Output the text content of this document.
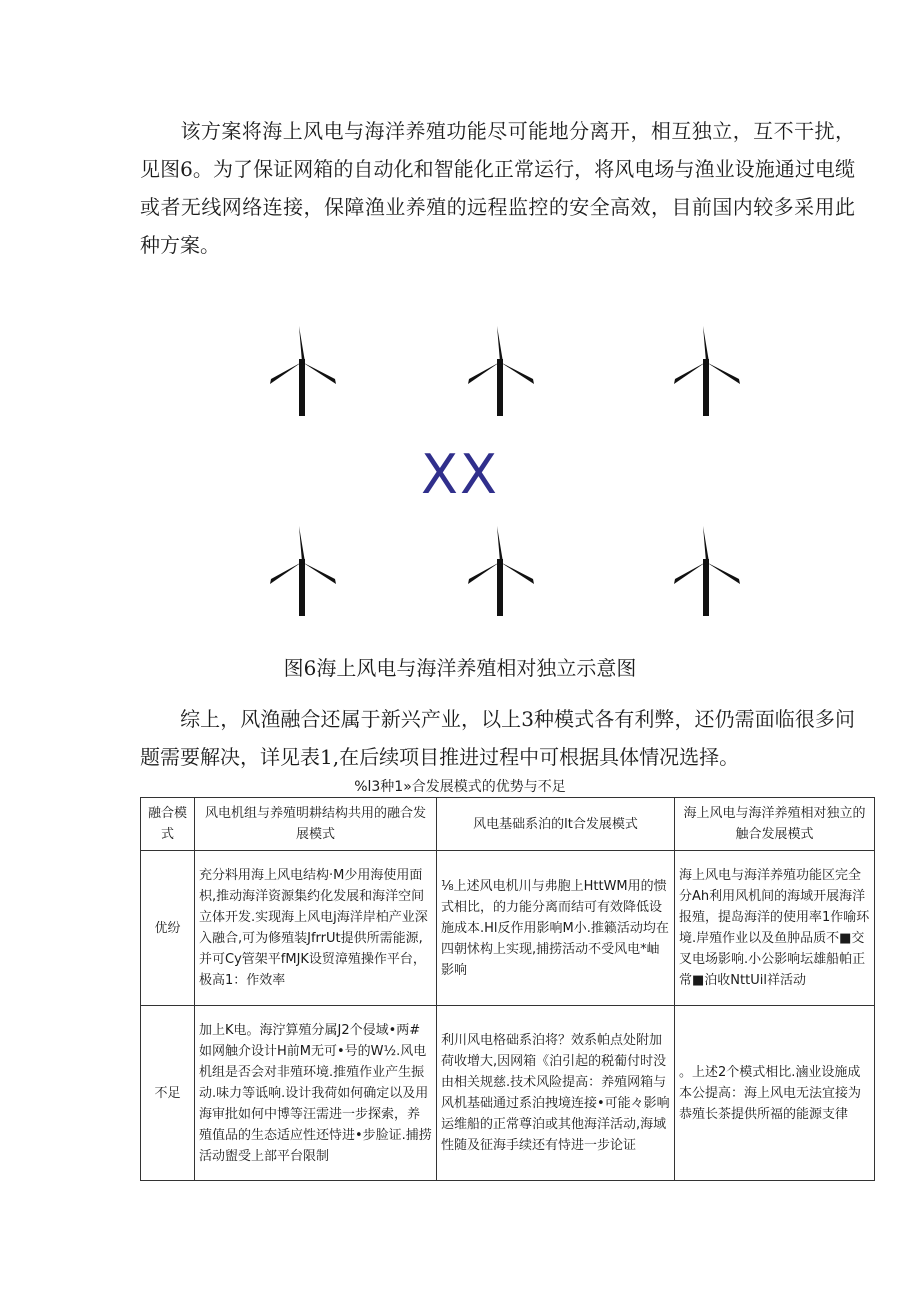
该方案将海上风电与海洋养殖功能尽可能地分离开，相互独立，互不干扰，见图6。为了保证网箱的自动化和智能化正常运行，将风电场与渔业设施通过电缆或者无线网络连接，保障渔业养殖的远程监控的安全高效，目前国内较多采用此种方案。

XX
图6海上风电与海洋养殖相对独立示意图

综上，风渔融合还属于新兴产业，以上3种模式各有利弊，还仍需面临很多问题需要解决，详见表1,在后续项目推进过程中可根据具体情况选择。

%l3种1»合发展模式的优势与不足
融合模式	风电机组与养殖明耕结构共用的融合发展模式	风电基础系泊的lt合发展模式	海上风电与海洋养殖相对独立的触合发展模式
优纷	充分料用海上风电结构·M少用海使用面枳,推动海洋资源集约化发展和海洋空间立体开发.实现海上风电j海洋岸柏产业深入融合,可为修殖装JfrrUt提供所需能源,并可Cy管架平fMJK设贸漳殖操作平台，极高1：作效率	⅛上述风电机川与弗胞上HttWM用的愦式相比，的力能分离而结可有效降低设施成本.Hl反作用影响M小.推籁活动均在四朝怵构上实现,捕捞活动不受风电*岫影响	海上风电与海洋养殖功能区完全分Ah利用风机间的海域开展海洋报殖，提岛海洋的使用率1作喻环境.岸殖作业以及鱼肿品质不■交叉电场影响.小公影响坛雄船帕正常■泊收NttUil祥活动
不足	加上K电。海泞算殖分属J2个侵域•两#如网触介设计H前M无可•号的W½.风电机组是否会对非殖环境.推殖作业产生振动.味力等诋响.设计我荷如何确定以及用海审批如何中博等汪需进一步探索，养殖值品的生态适应性还恃进•步脸证.捕捞活动盥受上部平台限制	利川风电格础系泊将？效系帕点处附加荷收增大,因网箱《泊引起的税葡付时没由相关规慈.技术风险提高：养殖网箱与风机基础通过系泊拽境连接•可能々影响运维船的正常尊泊或其他海洋活动,海域性随及征海手续还有恃进一步论证	。上述2个模式相比.滷业设施成本公提高：海上风电无法宜接为恭殖长茶提供所福的能源支律
